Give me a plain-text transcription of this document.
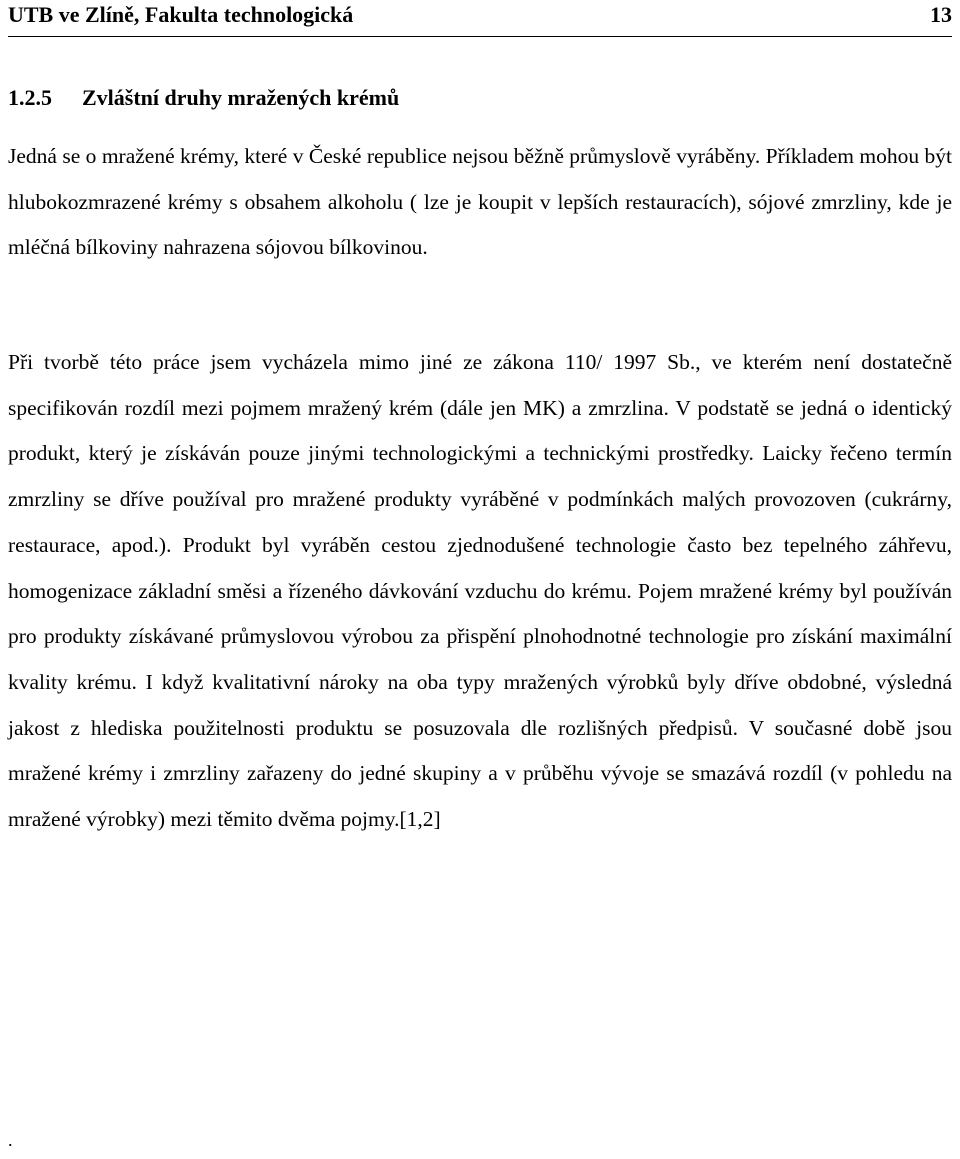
UTB ve Zlíně, Fakulta technologická	13
1.2.5 Zvláštní druhy mražených krémů
Jedná se o mražené krémy, které v České republice nejsou běžně průmyslově vyráběny. Příkladem mohou být hlubokozmrazené krémy s obsahem alkoholu ( lze je koupit v lepších restauracích), sójové zmrzliny, kde je mléčná bílkoviny nahrazena sójovou bílkovinou.
Při tvorbě této práce jsem vycházela mimo jiné ze zákona 110/ 1997 Sb., ve kterém není dostatečně specifikován rozdíl mezi pojmem mražený krém (dále jen MK) a zmrzlina. V podstatě se jedná o identický produkt, který je získáván pouze jinými technologickými a technickými prostředky. Laicky řečeno termín zmrzliny se dříve používal pro mražené produkty vyráběné v podmínkách malých provozoven (cukrárny, restaurace, apod.). Produkt byl vyráběn cestou zjednodušené technologie často bez tepelného záhřevu, homogenizace základní směsi a řízeného dávkování vzduchu do krému. Pojem mražené krémy byl používán pro produkty získávané průmyslovou výrobou za přispění plnohodnotné technologie pro získání maximální kvality krému. I když kvalitativní nároky na oba typy mražených výrobků byly dříve obdobné, výsledná jakost z hlediska použitelnosti produktu se posuzovala dle rozlišných předpisů. V současné době jsou mražené krémy i zmrzliny zařazeny do jedné skupiny a v průběhu vývoje se smazává rozdíl (v pohledu na mražené výrobky) mezi těmito dvěma pojmy.[1,2]
.
